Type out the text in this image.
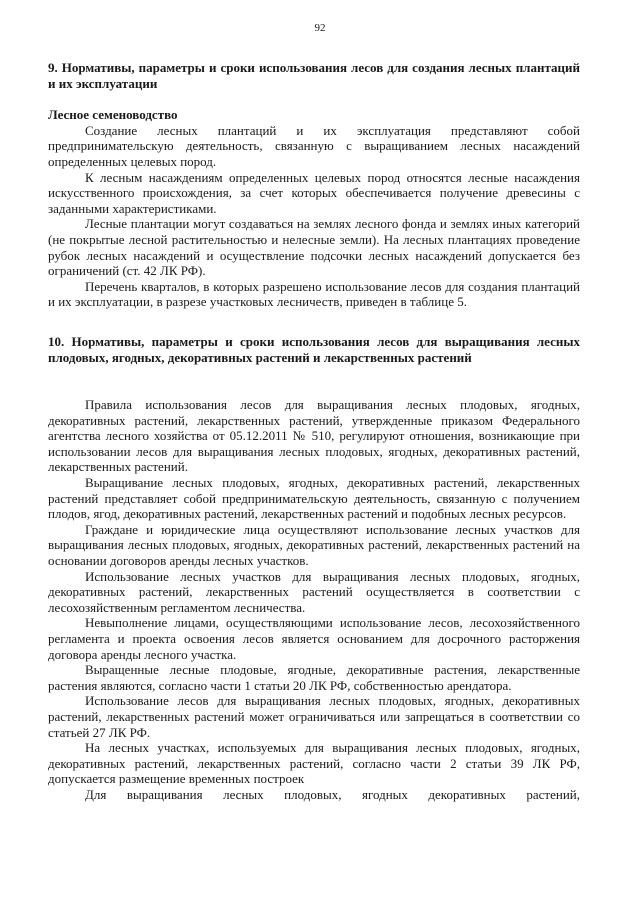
92
9. Нормативы, параметры и сроки использования лесов для создания лесных плантаций и их эксплуатации
Лесное семеноводство

Создание лесных плантаций и их эксплуатация представляют собой предпринимательскую деятельность, связанную с выращиванием лесных насаждений определенных целевых пород.

К лесным насаждениям определенных целевых пород относятся лесные насаждения искусственного происхождения, за счет которых обеспечивается получение древесины с заданными характеристиками.

Лесные плантации могут создаваться на землях лесного фонда и землях иных категорий (не покрытые лесной растительностью и нелесные земли). На лесных плантациях проведение рубок лесных насаждений и осуществление подсочки лесных насаждений допускается без ограничений (ст. 42 ЛК РФ).

Перечень кварталов, в которых разрешено использование лесов для создания плантаций и их эксплуатации, в разрезе участковых лесничеств, приведен в таблице 5.

10. Нормативы, параметры и сроки использования лесов для выращивания лесных плодовых, ягодных, декоративных растений и лекарственных растений

Правила использования лесов для выращивания лесных плодовых, ягодных, декоративных растений, лекарственных растений, утвержденные приказом Федерального агентства лесного хозяйства от 05.12.2011 № 510, регулируют отношения, возникающие при использовании лесов для выращивания лесных плодовых, ягодных, декоративных растений, лекарственных растений.

Выращивание лесных плодовых, ягодных, декоративных растений, лекарственных растений представляет собой предпринимательскую деятельность, связанную с получением плодов, ягод, декоративных растений, лекарственных растений и подобных лесных ресурсов.

Граждане и юридические лица осуществляют использование лесных участков для выращивания лесных плодовых, ягодных, декоративных растений, лекарственных растений на основании договоров аренды лесных участков.

Использование лесных участков для выращивания лесных плодовых, ягодных, декоративных растений, лекарственных растений осуществляется в соответствии с лесохозяйственным регламентом лесничества.

Невыполнение лицами, осуществляющими использование лесов, лесохозяйственного регламента и проекта освоения лесов является основанием для досрочного расторжения договора аренды лесного участка.

Выращенные лесные плодовые, ягодные, декоративные растения, лекарственные растения являются, согласно части 1 статьи 20 ЛК РФ, собственностью арендатора.

Использование лесов для выращивания лесных плодовых, ягодных, декоративных растений, лекарственных растений может ограничиваться или запрещаться в соответствии со статьей 27 ЛК РФ.

На лесных участках, используемых для выращивания лесных плодовых, ягодных, декоративных растений, лекарственных растений, согласно части 2 статьи 39 ЛК РФ, допускается размещение временных построек

Для выращивания лесных плодовых, ягодных декоративных растений,
